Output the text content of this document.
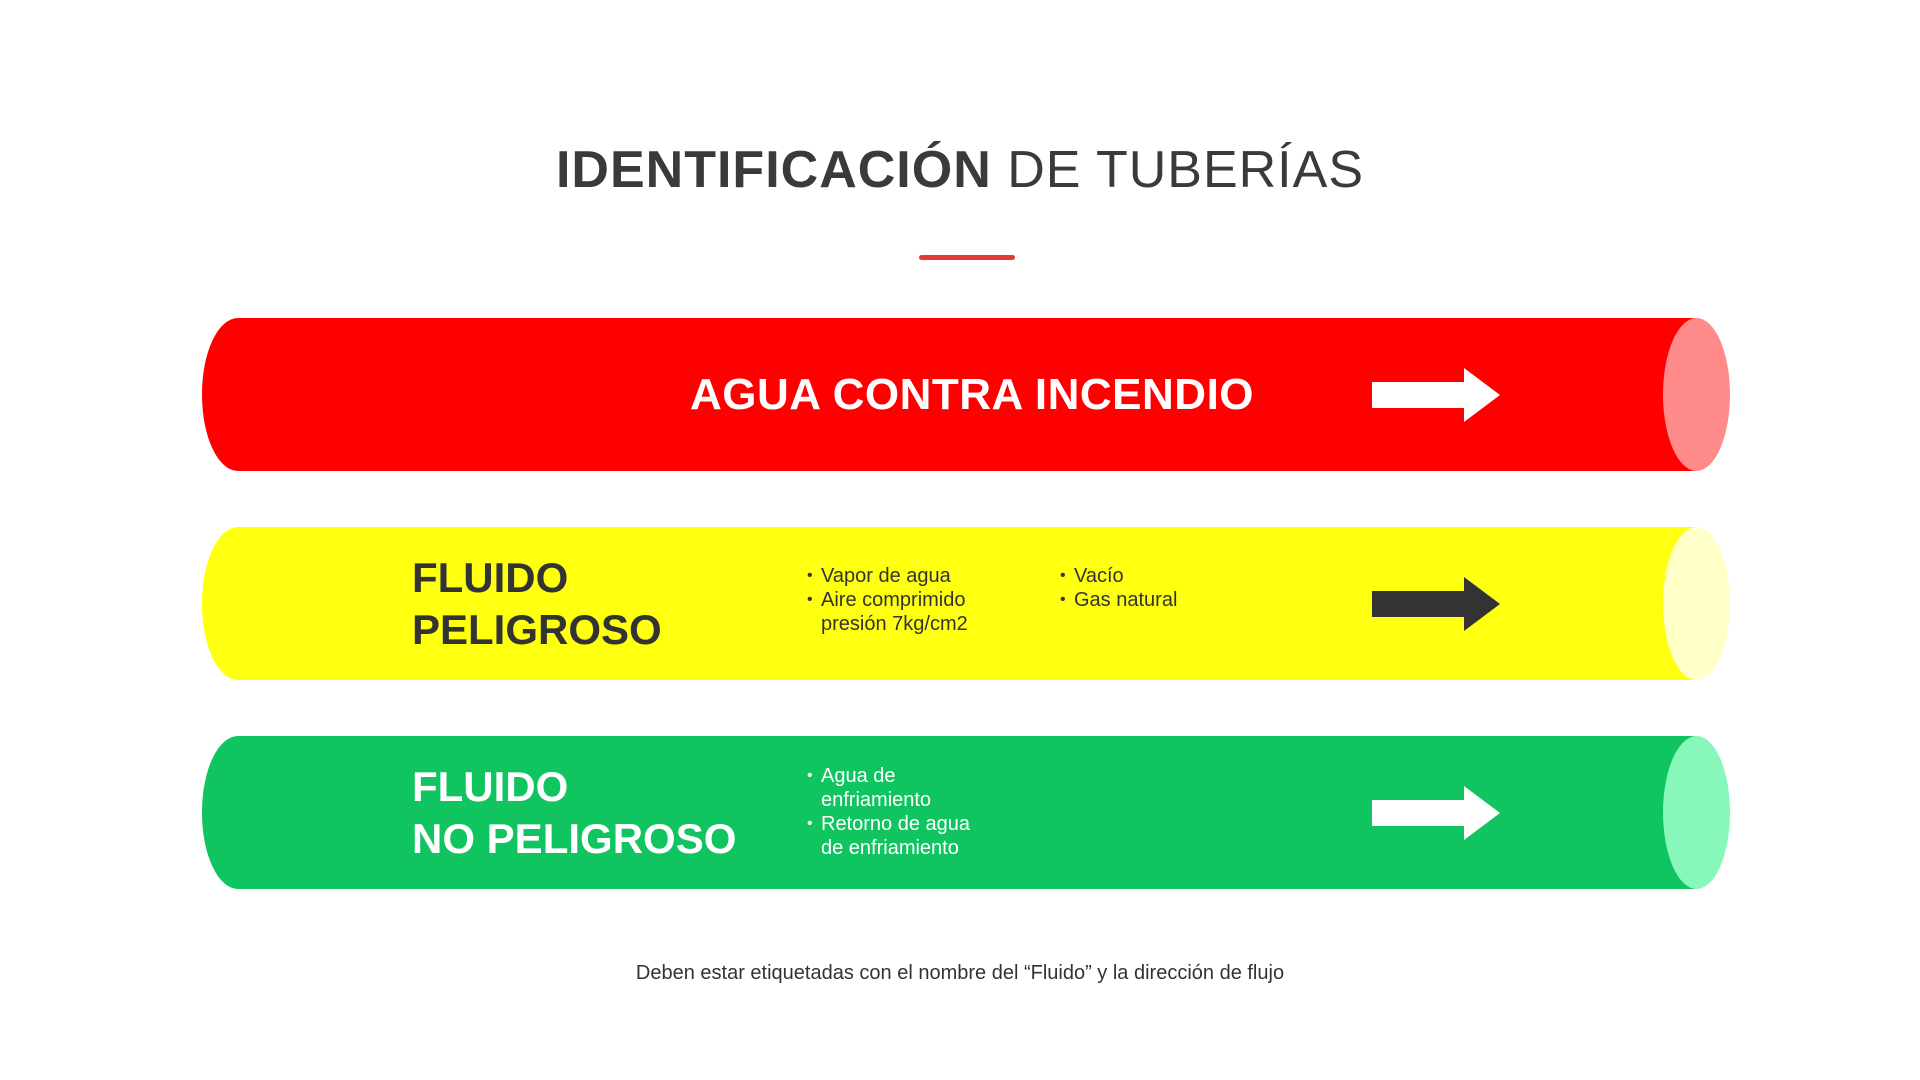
IDENTIFICACIÓN DE TUBERÍAS
AGUA CONTRA INCENDIO
FLUIDO
PELIGROSO
• Vapor de agua
• Aire comprimido
presión 7kg/cm2
• Vacío
• Gas natural
FLUIDO
NO PELIGROSO
• Agua de
enfriamiento
• Retorno de agua
de enfriamiento
Deben estar etiquetadas con el nombre del “Fluido” y la dirección de flujo
